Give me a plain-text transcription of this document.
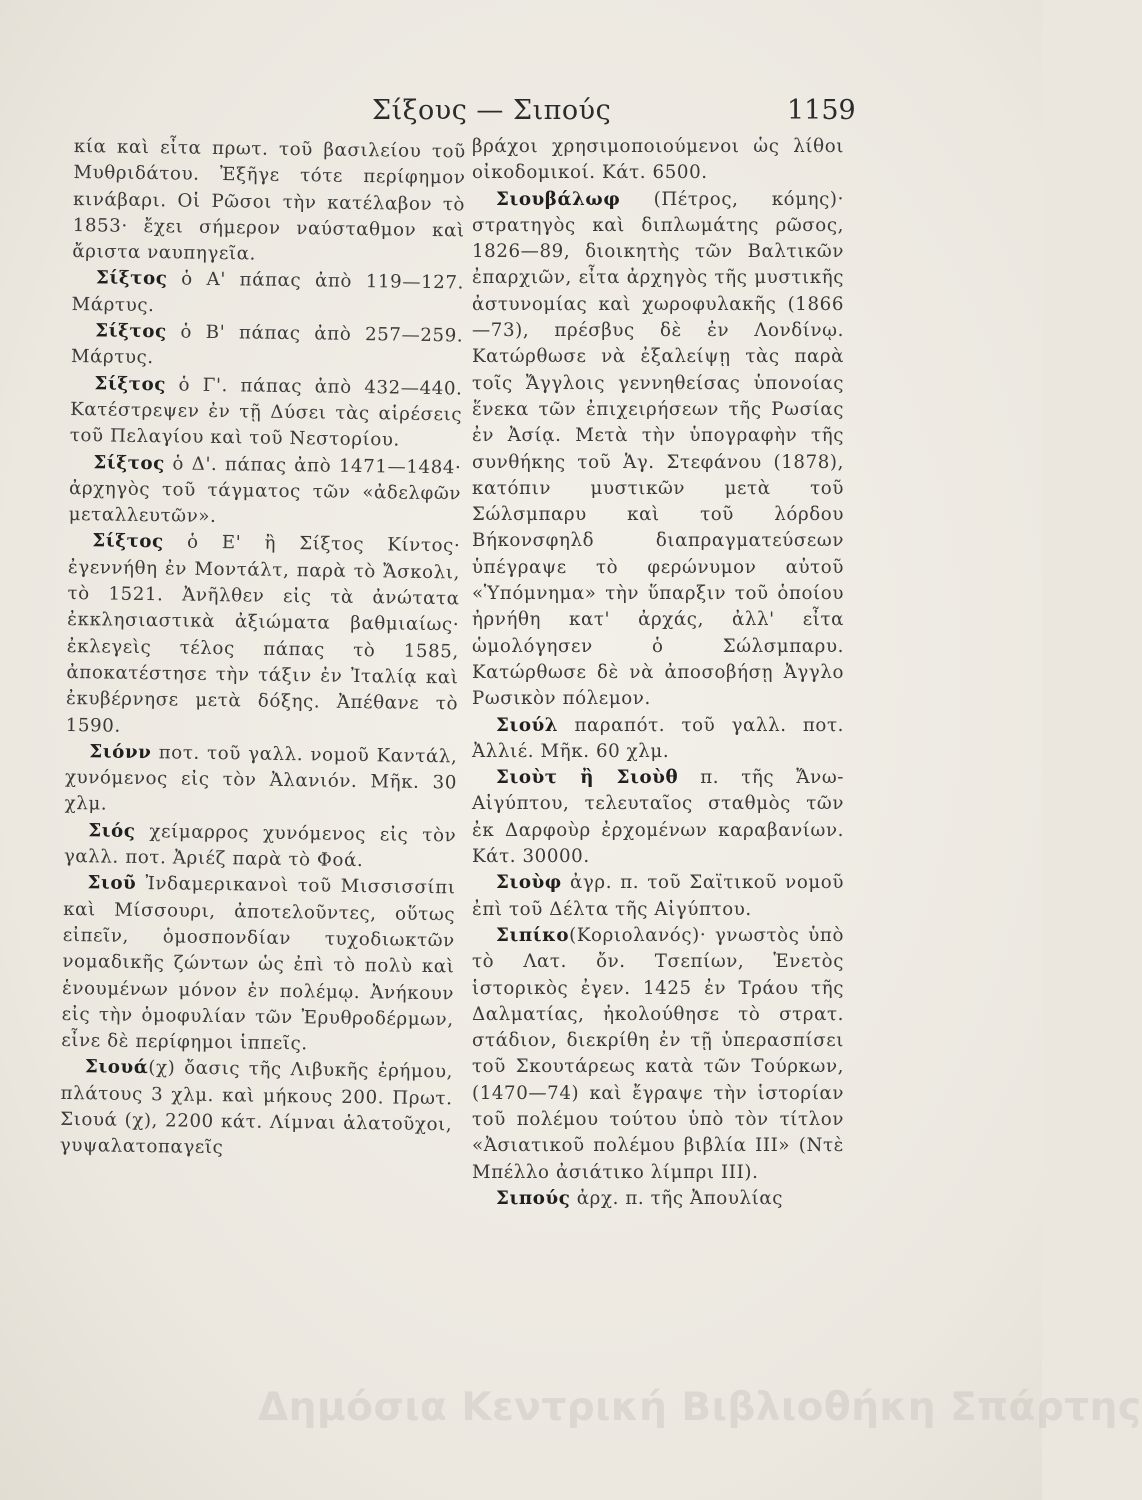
Σίξους — Σιπούς	1159

κία καὶ εἶτα πρωτ. τοῦ βασιλείου τοῦ Μυθριδάτου. Ἐξῆγε τότε περίφημον κινάβαρι. Οἱ Ρῶσοι τὴν κατέλαβον τὸ 1853· ἔχει σήμερον ναύσταθμον καὶ ἄριστα ναυπηγεῖα.

Σίξτος ὁ Α' πάπας ἀπὸ 119—127. Μάρτυς.

Σίξτος ὁ Β' πάπας ἀπὸ 257—259. Μάρτυς.

Σίξτος ὁ Γ'. πάπας ἀπὸ 432—440. Κατέστρεψεν ἐν τῇ Δύσει τὰς αἱρέσεις τοῦ Πελαγίου καὶ τοῦ Νεστορίου.

Σίξτος ὁ Δ'. πάπας ἀπὸ 1471—1484· ἀρχηγὸς τοῦ τάγματος τῶν «ἀδελφῶν μεταλλευτῶν».

Σίξτος ὁ Ε' ἢ Σίξτος Κίντος· ἐγεννήθη ἐν Μοντάλτ, παρὰ τὸ Ἄσκολι, τὸ 1521. Ἀνῆλθεν εἰς τὰ ἀνώτατα ἐκκλησιαστικὰ ἀξιώματα βαθμιαίως· ἐκλεγεὶς τέλος πάπας τὸ 1585, ἀποκατέστησε τὴν τάξιν ἐν Ἰταλίᾳ καὶ ἐκυβέρνησε μετὰ δόξης. Ἀπέθανε τὸ 1590.

Σιόνν ποτ. τοῦ γαλλ. νομοῦ Καντάλ, χυνόμενος εἰς τὸν Ἀλανιόν. Μῆκ. 30 χλμ.

Σιός χείμαρρος χυνόμενος εἰς τὸν γαλλ. ποτ. Ἀριέζ παρὰ τὸ Φοά.

Σιοῦ Ἰνδαμερικανοὶ τοῦ Μισσισσίπι καὶ Μίσσουρι, ἀποτελοῦντες, οὕτως εἰπεῖν, ὁμοσπονδίαν τυχοδιωκτῶν νομαδικῆς ζώντων ὡς ἐπὶ τὸ πολὺ καὶ ἑνουμένων μόνον ἐν πολέμῳ. Ἀνήκουν εἰς τὴν ὁμοφυλίαν τῶν Ἐρυθροδέρμων, εἶνε δὲ περίφημοι ἱππεῖς.

Σιουά(χ) ὄασις τῆς Λιβυκῆς ἐρήμου, πλάτους 3 χλμ. καὶ μήκους 200. Πρωτ. Σιουά (χ), 2200 κάτ. Λίμναι ἁλατοῦχοι, γυψαλατοπαγεῖς

βράχοι χρησιμοποιούμενοι ὡς λίθοι οἰκοδομικοί. Κάτ. 6500.

Σιουβάλωφ (Πέτρος, κόμης)· στρατηγὸς καὶ διπλωμάτης ρῶσος, 1826—89, διοικητὴς τῶν Βαλτικῶν ἐπαρχιῶν, εἶτα ἀρχηγὸς τῆς μυστικῆς ἀστυνομίας καὶ χωροφυλακῆς (1866—73), πρέσβυς δὲ ἐν Λονδίνῳ. Κατώρθωσε νὰ ἐξαλείψῃ τὰς παρὰ τοῖς Ἄγγλοις γεννηθείσας ὑπονοίας ἕνεκα τῶν ἐπιχειρήσεων τῆς Ρωσίας ἐν Ἀσίᾳ. Μετὰ τὴν ὑπογραφὴν τῆς συνθήκης τοῦ Ἁγ. Στεφάνου (1878), κατόπιν μυστικῶν μετὰ τοῦ Σώλσμπαρυ καὶ τοῦ λόρδου Βήκονσφηλδ διαπραγματεύσεων ὑπέγραψε τὸ φερώνυμον αὐτοῦ «Ὑπόμνημα» τὴν ὕπαρξιν τοῦ ὁποίου ἠρνήθη κατ' ἀρχάς, ἀλλ' εἶτα ὡμολόγησεν ὁ Σώλσμπαρυ. Κατώρθωσε δὲ νὰ ἀποσοβήσῃ Ἀγγλο Ρωσικὸν πόλεμον.

Σιούλ παραπότ. τοῦ γαλλ. ποτ. Ἀλλιέ. Μῆκ. 60 χλμ.

Σιοὺτ ἢ Σιοὺθ π. τῆς Ἄνω-Αἰγύπτου, τελευταῖος σταθμὸς τῶν ἐκ Δαρφοὺρ ἐρχομένων καραβανίων. Κάτ. 30000.

Σιοὺφ ἀγρ. π. τοῦ Σαϊτικοῦ νομοῦ ἐπὶ τοῦ Δέλτα τῆς Αἰγύπτου.

Σιπίκο(Κοριολανός)· γνωστὸς ὑπὸ τὸ Λατ. ὄν. Τσεπίων, Ἑνετὸς ἱστορικὸς ἐγεν. 1425 ἐν Τράου τῆς Δαλματίας, ἠκολούθησε τὸ στρατ. στάδιον, διεκρίθη ἐν τῇ ὑπερασπίσει τοῦ Σκουτάρεως κατὰ τῶν Τούρκων, (1470—74) καὶ ἔγραψε τὴν ἱστορίαν τοῦ πολέμου τούτου ὑπὸ τὸν τίτλον «Ἀσιατικοῦ πολέμου βιβλία III» (Ντὲ Μπέλλο ἀσιάτικο λίμπρι III).

Σιπούς ἀρχ. π. τῆς Ἀπουλίας

Δημόσια Κεντρική Βιβλιοθήκη Σπάρτης
